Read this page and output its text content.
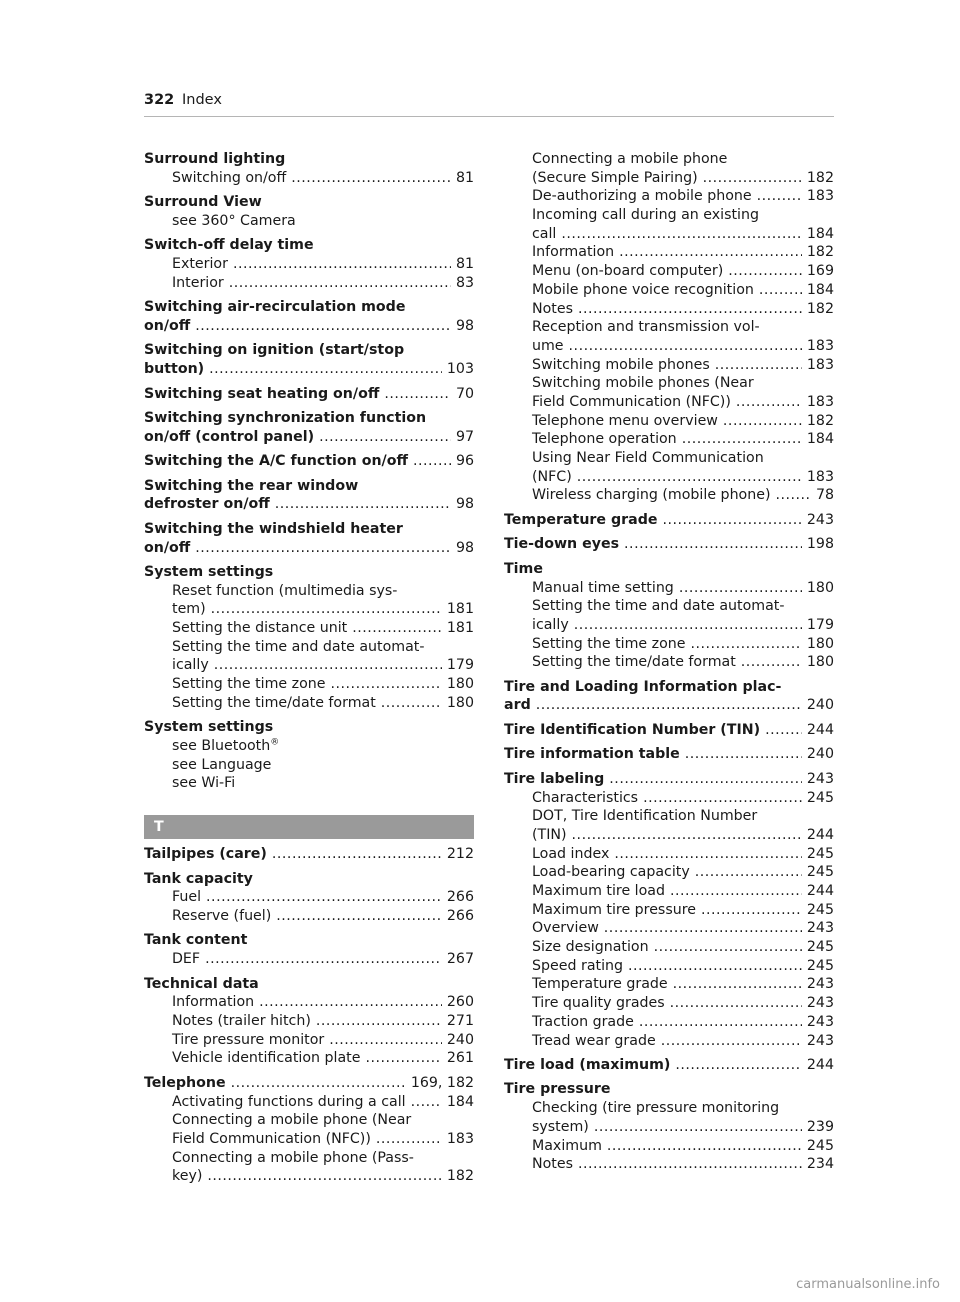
322 Index
Surround lighting
Switching on/off .....	81
Surround View
see 360° Camera
Switch-off delay time
Exterior .....	81
Interior .....	83
Switching air-recirculation mode
on/off .....	98
Switching on ignition (start/stop
button) .....	103
Switching seat heating on/off .....	70
Switching synchronization function
on/off (control panel) .....	97
Switching the A/C function on/off .....	96
Switching the rear window
defroster on/off .....	98
Switching the windshield heater
on/off .....	98
System settings
Reset function (multimedia sys-
tem) .....	181
Setting the distance unit .....	181
Setting the time and date automat-
ically .....	179
Setting the time zone .....	180
Setting the time/date format .....	180
System settings
see Bluetooth®
see Language
see Wi-Fi
T
Tailpipes (care) .....	212
Tank capacity
Fuel .....	266
Reserve (fuel) .....	266
Tank content
DEF .....	267
Technical data
Information .....	260
Notes (trailer hitch) .....	271
Tire pressure monitor .....	240
Vehicle identification plate .....	261
Telephone .....	169, 182
Activating functions during a call .....	184
Connecting a mobile phone (Near
Field Communication (NFC)) .....	183
Connecting a mobile phone (Pass-
key) .....	182
Connecting a mobile phone
(Secure Simple Pairing) .....	182
De-authorizing a mobile phone .....	183
Incoming call during an existing
call .....	184
Information .....	182
Menu (on-board computer) .....	169
Mobile phone voice recognition .....	184
Notes .....	182
Reception and transmission vol-
ume .....	183
Switching mobile phones .....	183
Switching mobile phones (Near
Field Communication (NFC)) .....	183
Telephone menu overview .....	182
Telephone operation .....	184
Using Near Field Communication
(NFC) .....	183
Wireless charging (mobile phone) .....	78
Temperature grade .....	243
Tie-down eyes .....	198
Time
Manual time setting .....	180
Setting the time and date automat-
ically .....	179
Setting the time zone .....	180
Setting the time/date format .....	180
Tire and Loading Information plac-
ard .....	240
Tire Identification Number (TIN) .....	244
Tire information table .....	240
Tire labeling .....	243
Characteristics .....	245
DOT, Tire Identification Number
(TIN) .....	244
Load index .....	245
Load-bearing capacity .....	245
Maximum tire load .....	244
Maximum tire pressure .....	245
Overview .....	243
Size designation .....	245
Speed rating .....	245
Temperature grade .....	243
Tire quality grades .....	243
Traction grade .....	243
Tread wear grade .....	243
Tire load (maximum) .....	244
Tire pressure
Checking (tire pressure monitoring
system) .....	239
Maximum .....	245
Notes .....	234
carmanualsonline.info
